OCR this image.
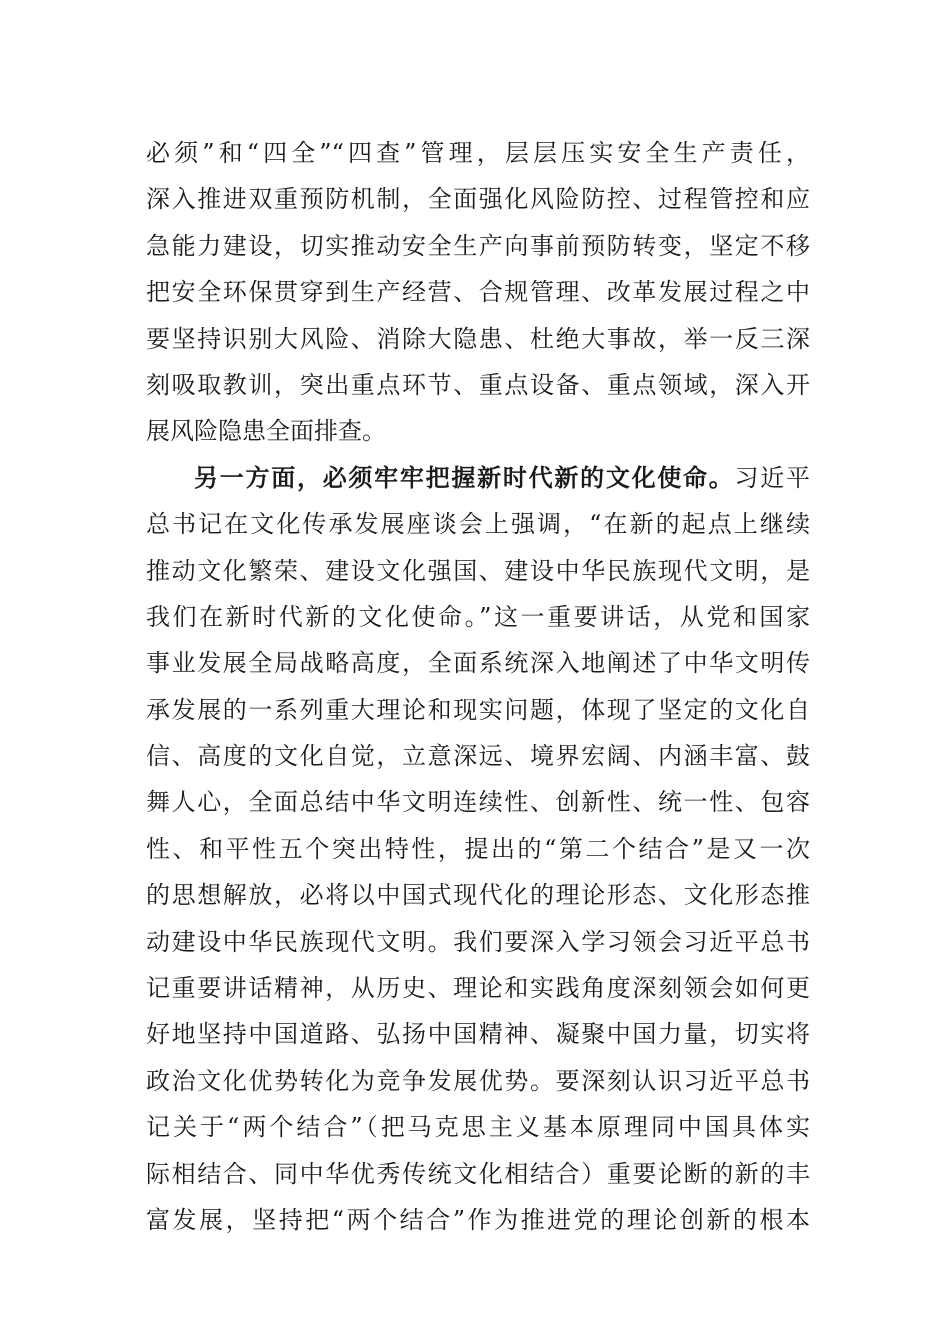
必须”和“四全”“四查”管理，层层压实安全生产责任，
深入推进双重预防机制，全面强化风险防控、过程管控和应
急能力建设，切实推动安全生产向事前预防转变，坚定不移
把安全环保贯穿到生产经营、合规管理、改革发展过程之中
要坚持识别大风险、消除大隐患、杜绝大事故，举一反三深
刻吸取教训，突出重点环节、重点设备、重点领域，深入开
展风险隐患全面排查。
另一方面，必须牢牢把握新时代新的文化使命。习近平
总书记在文化传承发展座谈会上强调，“在新的起点上继续
推动文化繁荣、建设文化强国、建设中华民族现代文明，是
我们在新时代新的文化使命。”这一重要讲话，从党和国家
事业发展全局战略高度，全面系统深入地阐述了中华文明传
承发展的一系列重大理论和现实问题，体现了坚定的文化自
信、高度的文化自觉，立意深远、境界宏阔、内涵丰富、鼓
舞人心，全面总结中华文明连续性、创新性、统一性、包容
性、和平性五个突出特性，提出的“第二个结合”是又一次
的思想解放，必将以中国式现代化的理论形态、文化形态推
动建设中华民族现代文明。我们要深入学习领会习近平总书
记重要讲话精神，从历史、理论和实践角度深刻领会如何更
好地坚持中国道路、弘扬中国精神、凝聚中国力量，切实将
政治文化优势转化为竞争发展优势。要深刻认识习近平总书
记关于“两个结合”（把马克思主义基本原理同中国具体实
际相结合、同中华优秀传统文化相结合）重要论断的新的丰
富发展，坚持把“两个结合”作为推进党的理论创新的根本
